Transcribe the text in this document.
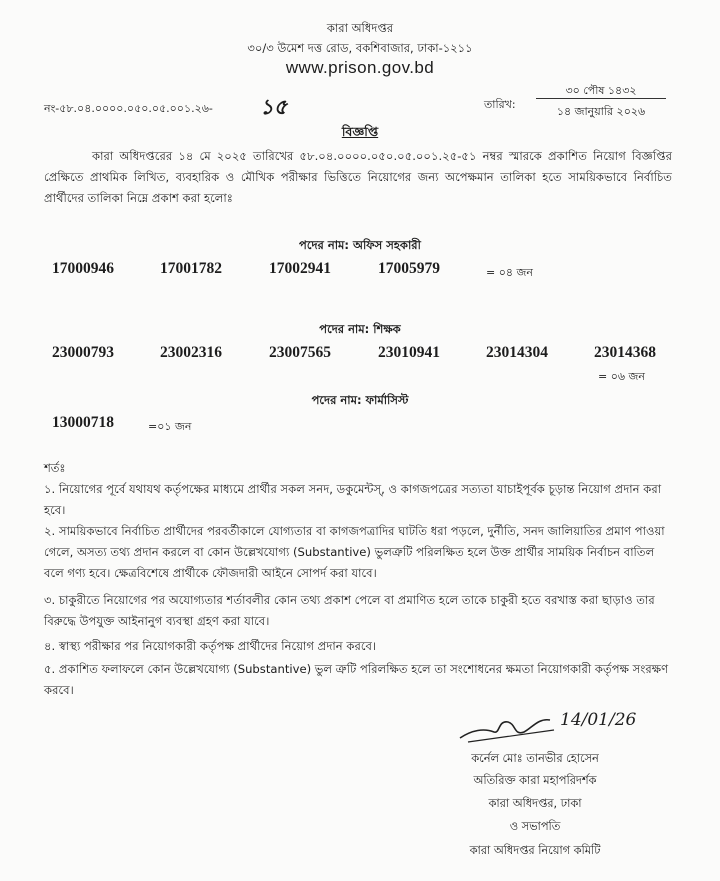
কারা অধিদপ্তর
৩০/৩ উমেশ দত্ত রোড, বকশিবাজার, ঢাকা-১২১১
www.prison.gov.bd
নং-৫৮.০৪.০০০০.০৫০.০৫.০০১.২৬- ১৫	তারিখ:
৩০ পৌষ ১৪৩২
১৪ জানুয়ারি ২০২৬
বিজ্ঞপ্তি
কারা অধিদপ্তরের ১৪ মে ২০২৫ তারিখের ৫৮.০৪.০০০০.০৫০.০৫.০০১.২৫-৫১ নম্বর স্মারকে প্রকাশিত নিয়োগ বিজ্ঞপ্তির প্রেক্ষিতে প্রাথমিক লিখিত, ব্যবহারিক ও মৌখিক পরীক্ষার ভিত্তিতে নিয়োগের জন্য অপেক্ষমান তালিকা হতে সাময়িকভাবে নির্বাচিত প্রার্থীদের তালিকা নিম্নে প্রকাশ করা হলোঃ
পদের নাম: অফিস সহকারী
17000946	17001782	17002941	17005979	= ০৪ জন
পদের নাম: শিক্ষক
23000793	23002316	23007565	23010941	23014304	23014368
= ০৬ জন
পদের নাম: ফার্মাসিস্ট
13000718	=০১ জন
শর্তঃ
১. নিয়োগের পূর্বে যথাযথ কর্তৃপক্ষের মাধ্যমে প্রার্থীর সকল সনদ, ডকুমেন্টস্, ও কাগজপত্রের সত্যতা যাচাইপূর্বক চূড়ান্ত নিয়োগ প্রদান করা হবে।
২. সাময়িকভাবে নির্বাচিত প্রার্থীদের পরবর্তীকালে যোগ্যতার বা কাগজপত্রাদির ঘাটতি ধরা পড়লে, দুর্নীতি, সনদ জালিয়াতির প্রমাণ পাওয়া গেলে, অসত্য তথ্য প্রদান করলে বা কোন উল্লেখযোগ্য (Substantive) ভুলত্রুটি পরিলক্ষিত হলে উক্ত প্রার্থীর সাময়িক নির্বাচন বাতিল বলে গণ্য হবে। ক্ষেত্রবিশেষে প্রার্থীকে ফৌজদারী আইনে সোপর্দ করা যাবে।
৩. চাকুরীতে নিয়োগের পর অযোগ্যতার শর্তাবলীর কোন তথ্য প্রকাশ পেলে বা প্রমাণিত হলে তাকে চাকুরী হতে বরখাস্ত করা ছাড়াও তার বিরুদ্ধে উপযুক্ত আইনানুগ ব্যবস্থা গ্রহণ করা যাবে।
৪. স্বাস্থ্য পরীক্ষার পর নিয়োগকারী কর্তৃপক্ষ প্রার্থীদের নিয়োগ প্রদান করবে।
৫. প্রকাশিত ফলাফলে কোন উল্লেখযোগ্য (Substantive) ভুল ত্রুটি পরিলক্ষিত হলে তা সংশোধনের ক্ষমতা নিয়োগকারী কর্তৃপক্ষ সংরক্ষণ করবে।
14/01/26
কর্নেল মোঃ তানভীর হোসেন
অতিরিক্ত কারা মহাপরিদর্শক
কারা অধিদপ্তর, ঢাকা
ও সভাপতি
কারা অধিদপ্তর নিয়োগ কমিটি
